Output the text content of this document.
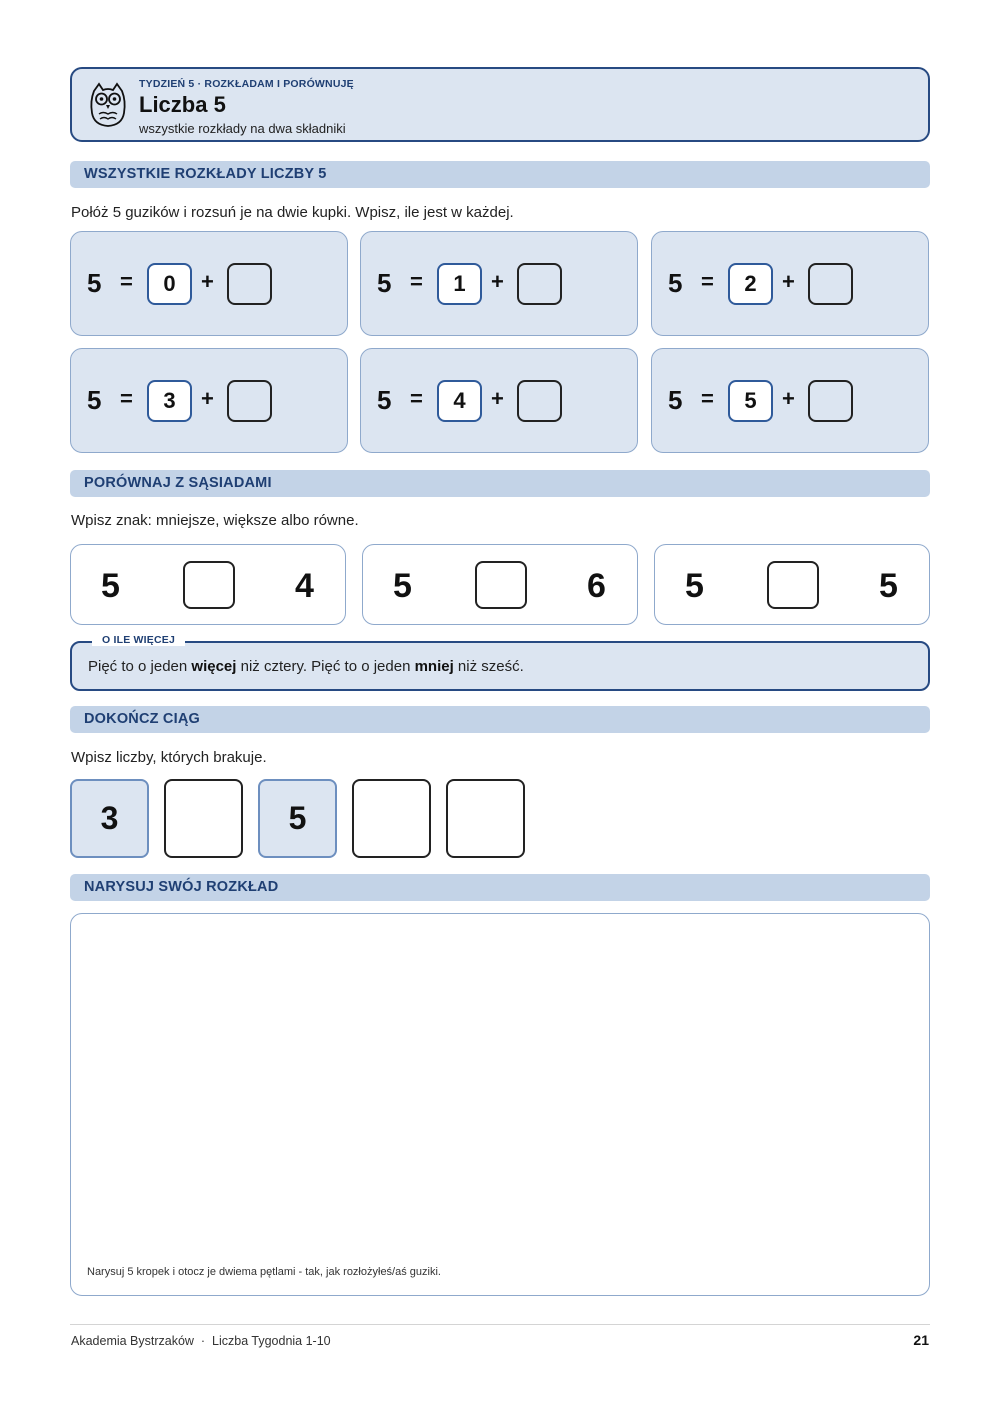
TYDZIEŃ 5 · ROZKŁADAM I PORÓWNUJĘ
Liczba 5
wszystkie rozkłady na dwa składniki
WSZYSTKIE ROZKŁADY LICZBY 5
Połóż 5 guzików i rozsuń je na dwie kupki. Wpisz, ile jest w każdej.
5 =	0	+	5 =	1	+	5 =	2	+
5 =	3	+	5 =	4	+	5 =	5	+
PORÓWNAJ Z SĄSIADAMI
Wpisz znak: mniejsze, większe albo równe.
5	4 5	6 5	5
O ILE WIĘCEJ
Pięć to o jeden więcej niż cztery. Pięć to o jeden mniej niż sześć.
DOKOŃCZ CIĄG
Wpisz liczby, których brakuje.
3	5
NARYSUJ SWÓJ ROZKŁAD
Narysuj 5 kropek i otocz je dwiema pętlami - tak, jak rozłożyłeś/aś guziki.
Akademia Bystrzaków  ·  Liczba Tygodnia 1-10	21
